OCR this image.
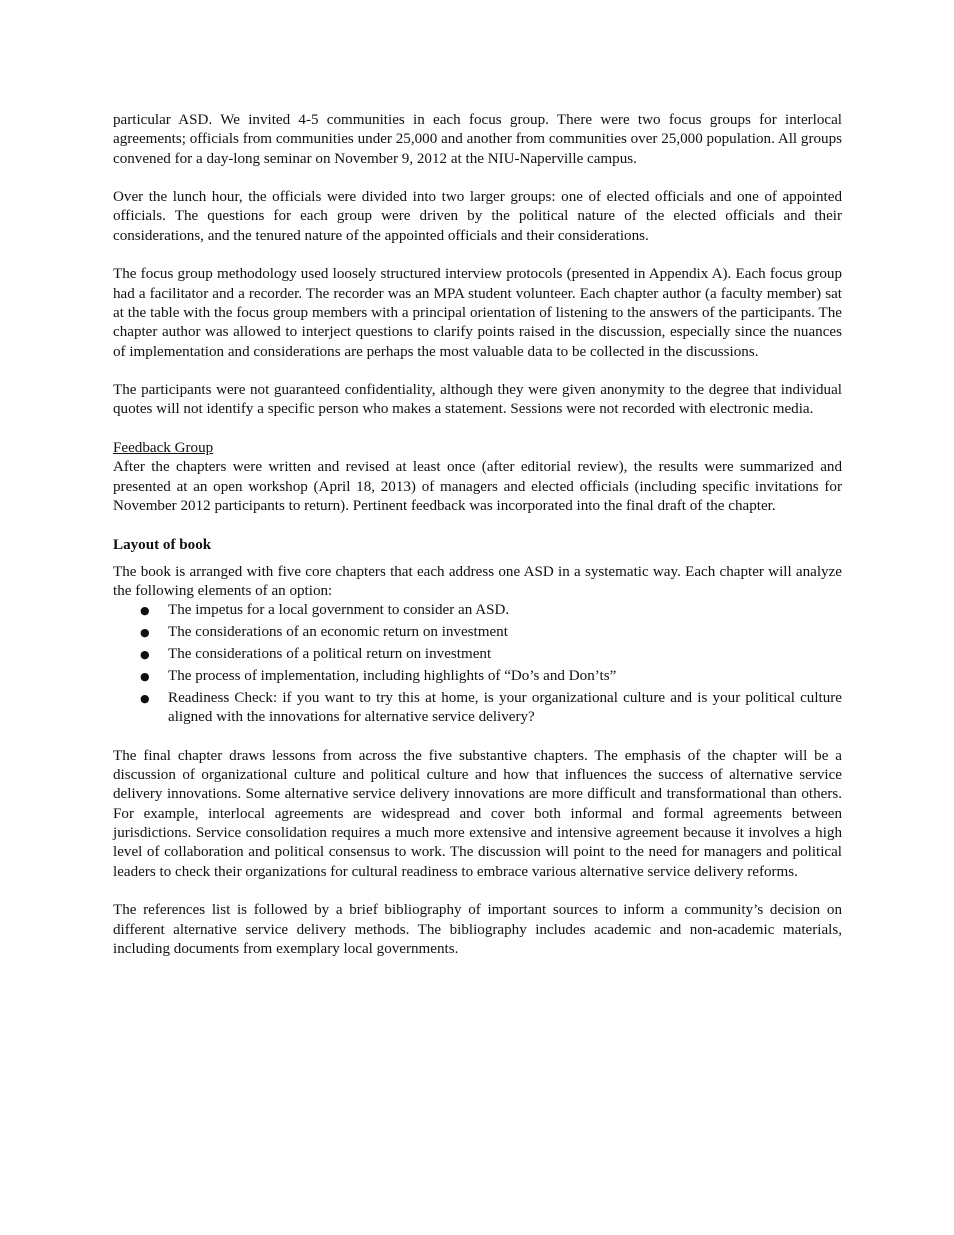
particular ASD. We invited 4-5 communities in each focus group. There were two focus groups for interlocal agreements; officials from communities under 25,000 and another from communities over 25,000 population. All groups convened for a day-long seminar on November 9, 2012 at the NIU-Naperville campus.

Over the lunch hour, the officials were divided into two larger groups: one of elected officials and one of appointed officials. The questions for each group were driven by the political nature of the elected officials and their considerations, and the tenured nature of the appointed officials and their considerations.

The focus group methodology used loosely structured interview protocols (presented in Appendix A). Each focus group had a facilitator and a recorder. The recorder was an MPA student volunteer. Each chapter author (a faculty member) sat at the table with the focus group members with a principal orientation of listening to the answers of the participants. The chapter author was allowed to interject questions to clarify points raised in the discussion, especially since the nuances of implementation and considerations are perhaps the most valuable data to be collected in the discussions.

The participants were not guaranteed confidentiality, although they were given anonymity to the degree that individual quotes will not identify a specific person who makes a statement. Sessions were not recorded with electronic media.

Feedback Group

After the chapters were written and revised at least once (after editorial review), the results were summarized and presented at an open workshop (April 18, 2013) of managers and elected officials (including specific invitations for November 2012 participants to return). Pertinent feedback was incorporated into the final draft of the chapter.

Layout of book

The book is arranged with five core chapters that each address one ASD in a systematic way. Each chapter will analyze the following elements of an option:

● The impetus for a local government to consider an ASD.
● The considerations of an economic return on investment
● The considerations of a political return on investment
● The process of implementation, including highlights of “Do’s and Don’ts”
● Readiness Check: if you want to try this at home, is your organizational culture and is your political culture aligned with the innovations for alternative service delivery?

The final chapter draws lessons from across the five substantive chapters. The emphasis of the chapter will be a discussion of organizational culture and political culture and how that influences the success of alternative service delivery innovations. Some alternative service delivery innovations are more difficult and transformational than others. For example, interlocal agreements are widespread and cover both informal and formal agreements between jurisdictions. Service consolidation requires a much more extensive and intensive agreement because it involves a high level of collaboration and political consensus to work. The discussion will point to the need for managers and political leaders to check their organizations for cultural readiness to embrace various alternative service delivery reforms.

The references list is followed by a brief bibliography of important sources to inform a community’s decision on different alternative service delivery methods. The bibliography includes academic and non-academic materials, including documents from exemplary local governments.
